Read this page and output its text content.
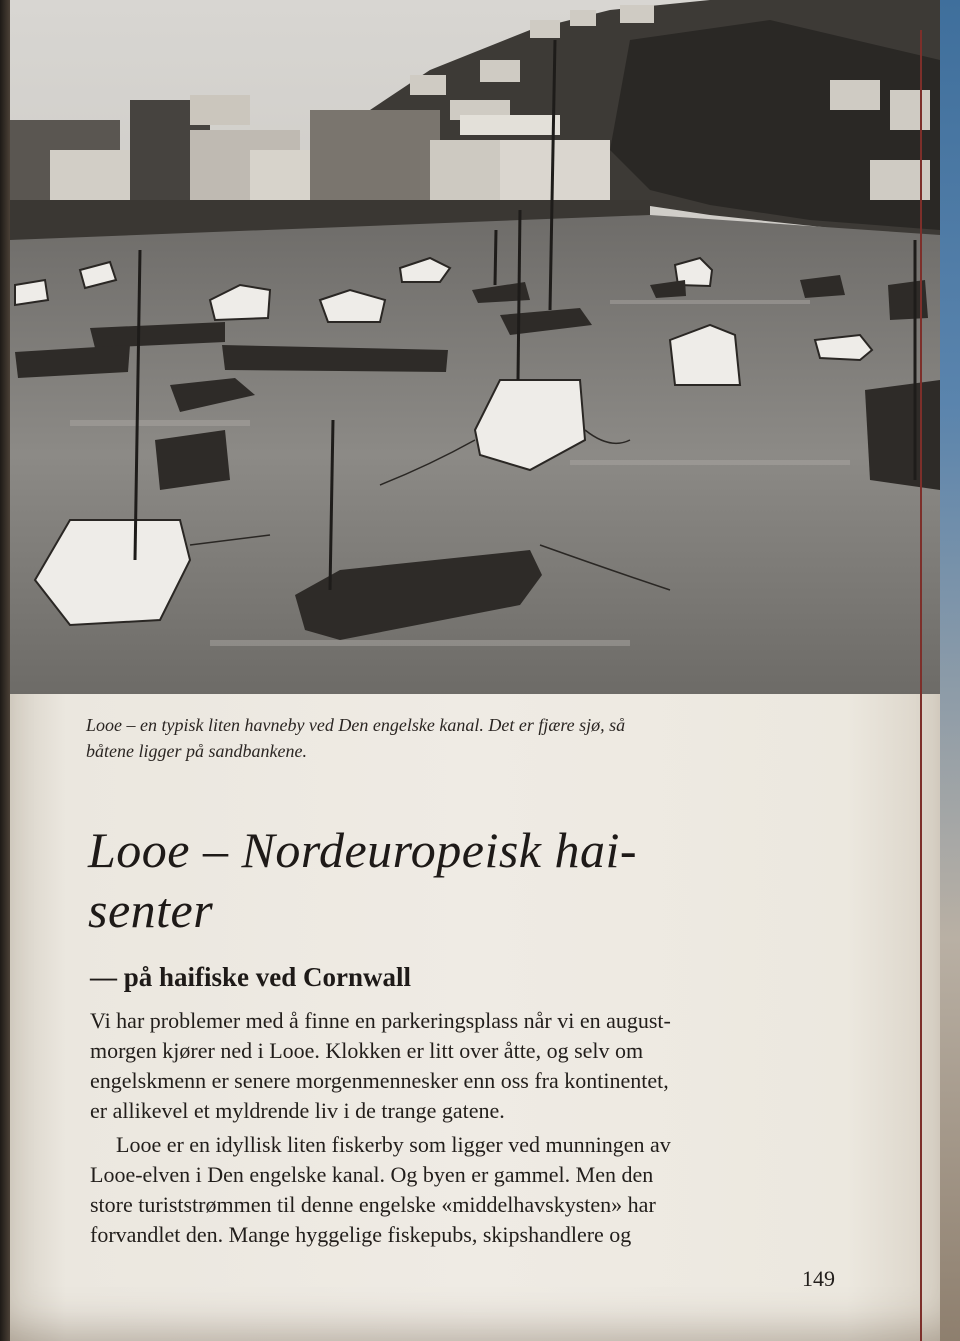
Looe – en typisk liten havneby ved Den engelske kanal. Det er fjære sjø, så
båtene ligger på sandbankene.

Looe – Nordeuropeisk hai-
senter
— på haifiske ved Cornwall
Vi har problemer med å finne en parkeringsplass når vi en august-
morgen kjører ned i Looe. Klokken er litt over åtte, og selv om
engelskmenn er senere morgenmennesker enn oss fra kontinentet,
er allikevel et myldrende liv i de trange gatene.
Looe er en idyllisk liten fiskerby som ligger ved munningen av
Looe-elven i Den engelske kanal. Og byen er gammel. Men den
store turiststrømmen til denne engelske «middelhavskysten» har
forvandlet den. Mange hyggelige fiskepubs, skipshandlere og
149
